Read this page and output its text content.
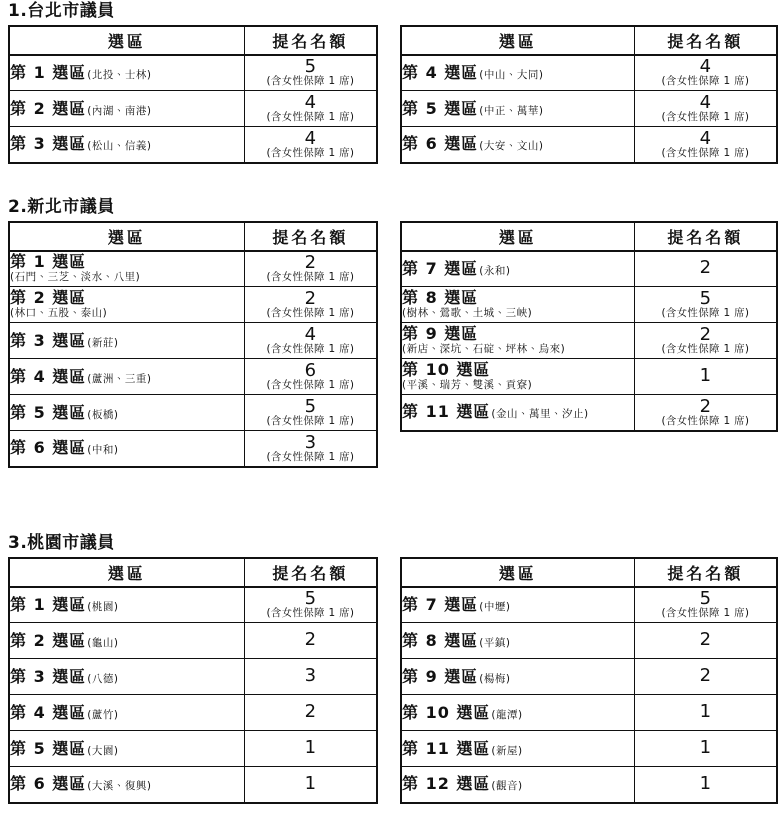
1.台北市議員
選區	提名名額
第 1 選區(北投、士林)	5
(含女性保障 1 席)

第 2 選區(內湖、南港)	4
(含女性保障 1 席)

第 3 選區(松山、信義)	4
(含女性保障 1 席)
選區	提名名額
第 4 選區(中山、大同)	4
(含女性保障 1 席)

第 5 選區(中正、萬華)	4
(含女性保障 1 席)

第 6 選區(大安、文山)	4
(含女性保障 1 席)
2.新北市議員
選區	提名名額

第 1 選區
(石門、三芝、淡水、八里)	2
(含女性保障 1 席)

第 2 選區
(林口、五股、泰山)	2
(含女性保障 1 席)

第 3 選區(新莊)	4
(含女性保障 1 席)

第 4 選區(蘆洲、三重)	6
(含女性保障 1 席)

第 5 選區(板橋)	5
(含女性保障 1 席)

第 6 選區(中和)	3
(含女性保障 1 席)
選區	提名名額
第 7 選區(永和)	2

第 8 選區
(樹林、鶯歌、土城、三峽)	5
(含女性保障 1 席)

第 9 選區
(新店、深坑、石碇、坪林、烏來)	2
(含女性保障 1 席)

第 10 選區
(平溪、瑞芳、雙溪、貢寮)	1

第 11 選區(金山、萬里、汐止)	2
(含女性保障 1 席)
3.桃園市議員
選區	提名名額
第 1 選區(桃園)	5
(含女性保障 1 席)

第 2 選區(龜山)	2

第 3 選區(八德)	3

第 4 選區(蘆竹)	2

第 5 選區(大園)	1

第 6 選區(大溪、復興)	1
選區	提名名額
第 7 選區(中壢)	5
(含女性保障 1 席)

第 8 選區(平鎮)	2

第 9 選區(楊梅)	2

第 10 選區(龍潭)	1

第 11 選區(新屋)	1

第 12 選區(觀音)	1
